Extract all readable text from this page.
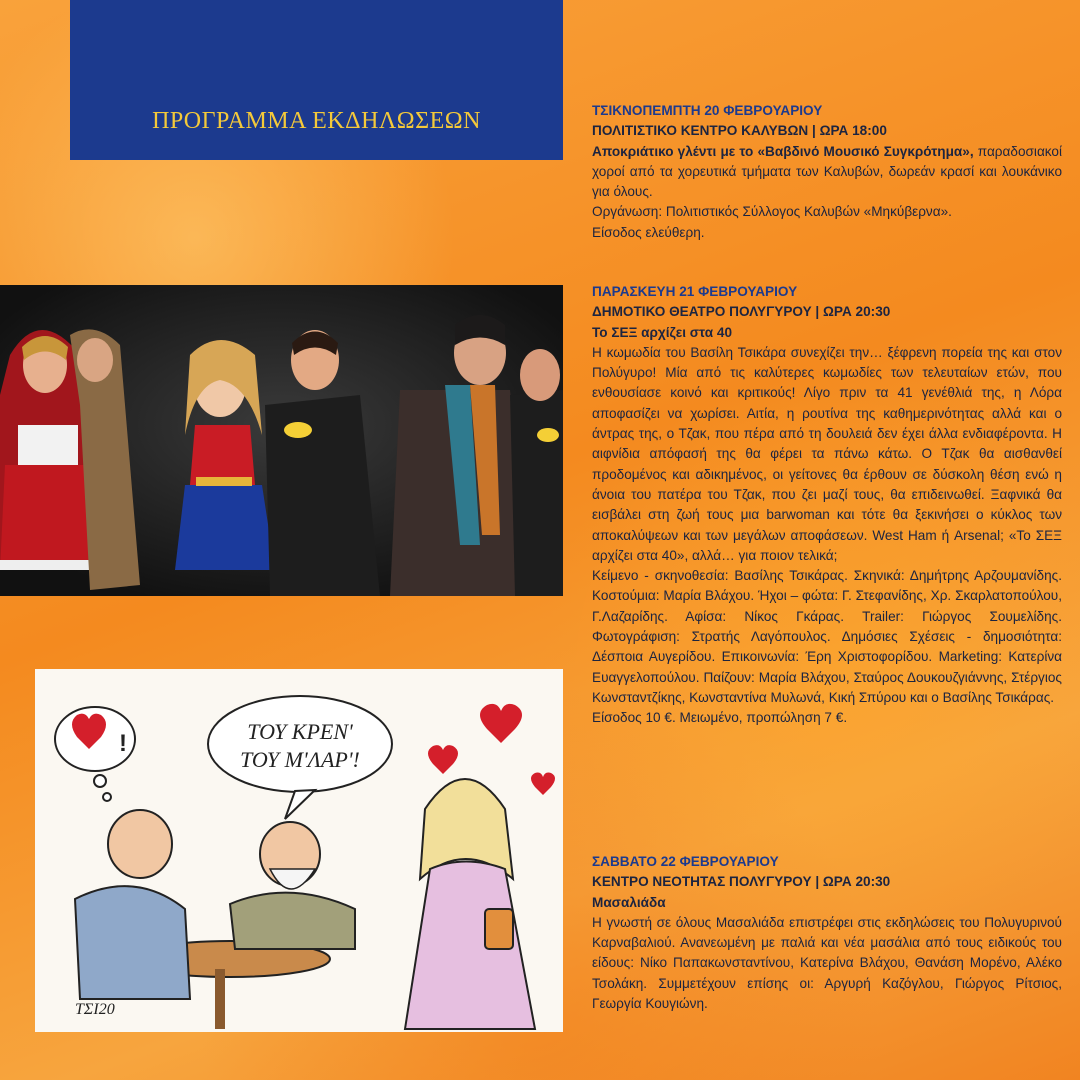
ΠΡΟΓΡΑΜΜΑ ΕΚΔΗΛΩΣΕΩΝ
!	ΤΟΥ ΚΡΕΝ'
ΤΟΥ Μ'ΛΑΡ'!
ΤΣΙ20

ΤΣΙΚΝΟΠΕΜΠΤΗ 20 ΦΕΒΡΟΥΑΡΙΟΥ

ΠΟΛΙΤΙΣΤΙΚΟ ΚΕΝΤΡΟ ΚΑΛΥΒΩΝ | ΩΡΑ 18:00

Αποκριάτικο γλέντι με το «Βαβδινό Μουσικό Συγκρότημα», παραδοσιακοί χοροί από τα χορευτικά τμήματα των Καλυβών, δωρεάν κρασί και λουκάνικο για όλους.

Οργάνωση: Πολιτιστικός Σύλλογος Καλυβών «Μηκύβερνα».

Είσοδος ελεύθερη.

ΠΑΡΑΣΚΕΥΗ 21 ΦΕΒΡΟΥΑΡΙΟΥ

ΔΗΜΟΤΙΚΟ ΘΕΑΤΡΟ ΠΟΛΥΓΥΡΟΥ | ΩΡΑ 20:30

Το ΣΕΞ αρχίζει στα 40

Η κωμωδία του Βασίλη Τσικάρα συνεχίζει την… ξέφρενη πορεία της και στον Πολύγυρο! Μία από τις καλύτερες κωμωδίες των τελευταίων ετών, που ενθουσίασε κοινό και κριτικούς! Λίγο πριν τα 41 γενέθλιά της, η Λόρα αποφασίζει να χωρίσει. Αιτία, η ρουτίνα της καθημερινότητας αλλά και ο άντρας της, ο Τζακ, που πέρα από τη δουλειά δεν έχει άλλα ενδιαφέροντα. Η αιφνίδια απόφασή της θα φέρει τα πάνω κάτω. Ο Τζακ θα αισθανθεί προδομένος και αδικημένος, οι γείτονες θα έρθουν σε δύσκολη θέση ενώ η άνοια του πατέρα του Τζακ, που ζει μαζί τους, θα επιδεινωθεί. Ξαφνικά θα εισβάλει στη ζωή τους μια barwoman και τότε θα ξεκινήσει ο κύκλος των αποκαλύψεων και των μεγάλων αποφάσεων. West Ham ή Arsenal; «Το ΣΕΞ αρχίζει στα 40», αλλά… για ποιον τελικά;

Κείμενο - σκηνοθεσία: Βασίλης Τσικάρας. Σκηνικά: Δημήτρης Αρζουμανίδης. Κοστούμια: Μαρία Βλάχου. Ήχοι – φώτα: Γ. Στεφανίδης, Χρ. Σκαρλατοπούλου, Γ.Λαζαρίδης. Αφίσα: Νίκος Γκάρας. Trailer: Γιώργος Σουμελίδης. Φωτογράφιση: Στρατής Λαγόπουλος. Δημόσιες Σχέσεις - δημοσιότητα: Δέσποια Αυγερίδου. Επικοινωνία: Έρη Χριστοφορίδου. Marketing: Κατερίνα Ευαγγελοπούλου. Παίζουν: Μαρία Βλάχου, Σταύρος Δουκουζγιάννης, Στέργιος Κωνσταντζίκης, Κωνσταντίνα Μυλωνά, Κική Σπύρου και ο Βασίλης Τσικάρας.

Είσοδος 10 €. Μειωμένο, προπώληση 7 €.

ΣΑΒΒΑΤΟ 22 ΦΕΒΡΟΥΑΡΙΟΥ

ΚΕΝΤΡΟ ΝΕΟΤΗΤΑΣ ΠΟΛΥΓΥΡΟΥ | ΩΡΑ 20:30

Μασαλιάδα

Η γνωστή σε όλους Μασαλιάδα επιστρέφει στις εκδηλώσεις του Πολυγυρινού Καρναβαλιού. Ανανεωμένη με παλιά και νέα μασάλια από τους ειδικούς του είδους: Νίκο Παπακωνσταντίνου, Κατερίνα Βλάχου, Θανάση Μορένο, Αλέκο Τσολάκη. Συμμετέχουν επίσης οι: Αργυρή Καζόγλου, Γιώργος Ρίτσιος, Γεωργία Κουγιώνη.
